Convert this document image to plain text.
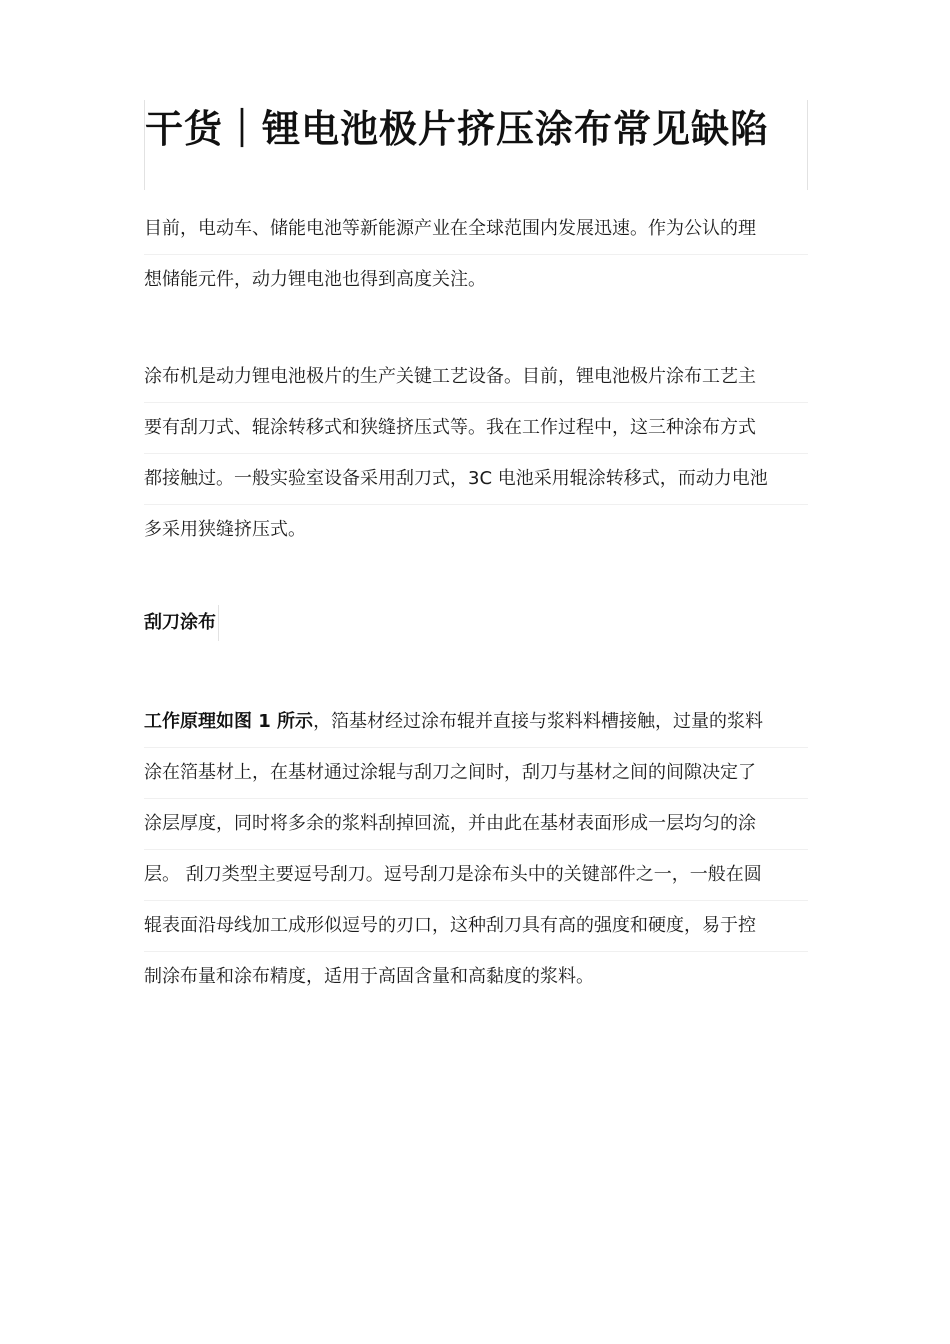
干货｜锂电池极片挤压涂布常见缺陷
目前，电动车、储能电池等新能源产业在全球范围内发展迅速。作为公认的理
想储能元件，动力锂电池也得到高度关注。
涂布机是动力锂电池极片的生产关键工艺设备。目前，锂电池极片涂布工艺主
要有刮刀式、辊涂转移式和狭缝挤压式等。我在工作过程中，这三种涂布方式
都接触过。一般实验室设备采用刮刀式，3C 电池采用辊涂转移式，而动力电池
多采用狭缝挤压式。
刮刀涂布
工作原理如图 1 所示，箔基材经过涂布辊并直接与浆料料槽接触，过量的浆料
涂在箔基材上，在基材通过涂辊与刮刀之间时，刮刀与基材之间的间隙决定了
涂层厚度，同时将多余的浆料刮掉回流，并由此在基材表面形成一层均匀的涂
层。 刮刀类型主要逗号刮刀。逗号刮刀是涂布头中的关键部件之一，一般在圆
辊表面沿母线加工成形似逗号的刃口，这种刮刀具有高的强度和硬度，易于控
制涂布量和涂布精度，适用于高固含量和高黏度的浆料。
